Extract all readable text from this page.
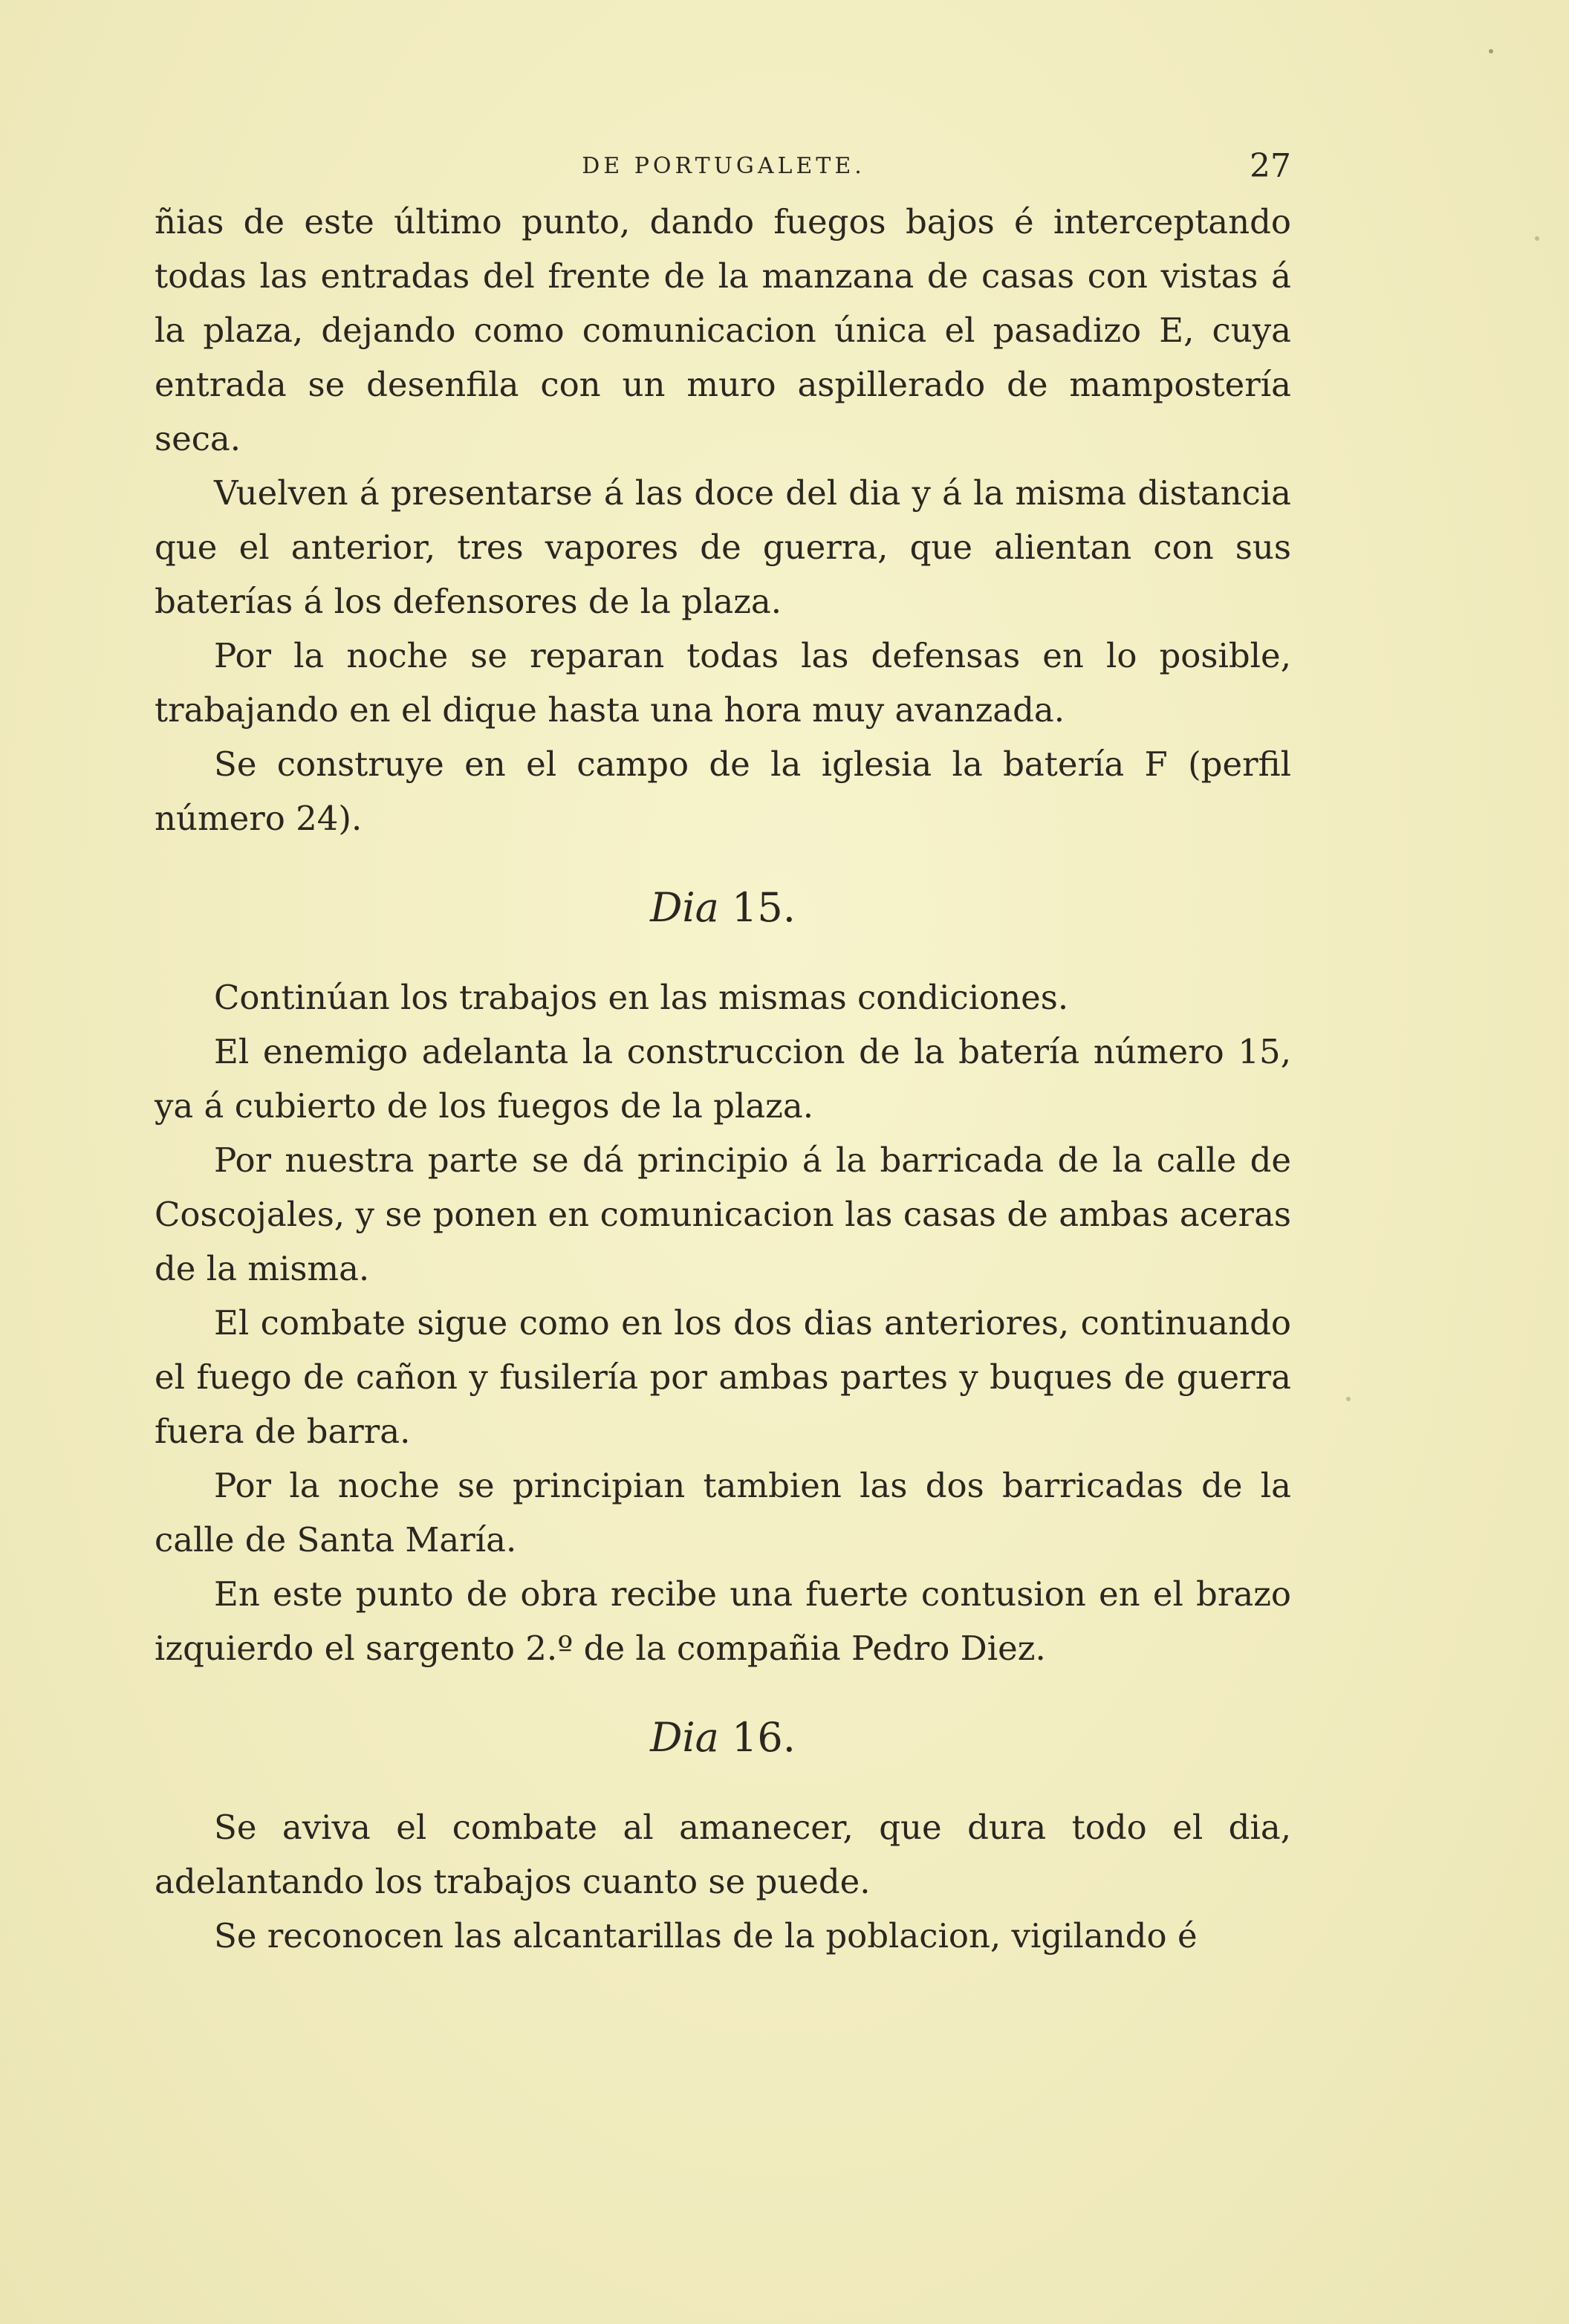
DE PORTUGALETE.	27

ñias de este último punto, dando fuegos bajos é interceptando todas las entradas del frente de la manzana de casas con vistas á la plaza, dejando como comunicacion única el pasadizo E, cuya entrada se desenfila con un muro aspillerado de mampostería seca.

Vuelven á presentarse á las doce del dia y á la misma distancia que el anterior, tres vapores de guerra, que alientan con sus baterías á los defensores de la plaza.

Por la noche se reparan todas las defensas en lo posible, trabajando en el dique hasta una hora muy avanzada.

Se construye en el campo de la iglesia la batería F (perfil número 24).

Dia 15.

Continúan los trabajos en las mismas condiciones.

El enemigo adelanta la construccion de la batería número 15, ya á cubierto de los fuegos de la plaza.

Por nuestra parte se dá principio á la barricada de la calle de Coscojales, y se ponen en comunicacion las casas de ambas aceras de la misma.

El combate sigue como en los dos dias anteriores, continuando el fuego de cañon y fusilería por ambas partes y buques de guerra fuera de barra.

Por la noche se principian tambien las dos barricadas de la calle de Santa María.

En este punto de obra recibe una fuerte contusion en el brazo izquierdo el sargento 2.º de la compañia Pedro Diez.

Dia 16.

Se aviva el combate al amanecer, que dura todo el dia, adelantando los trabajos cuanto se puede.

Se reconocen las alcantarillas de la poblacion, vigilando é
